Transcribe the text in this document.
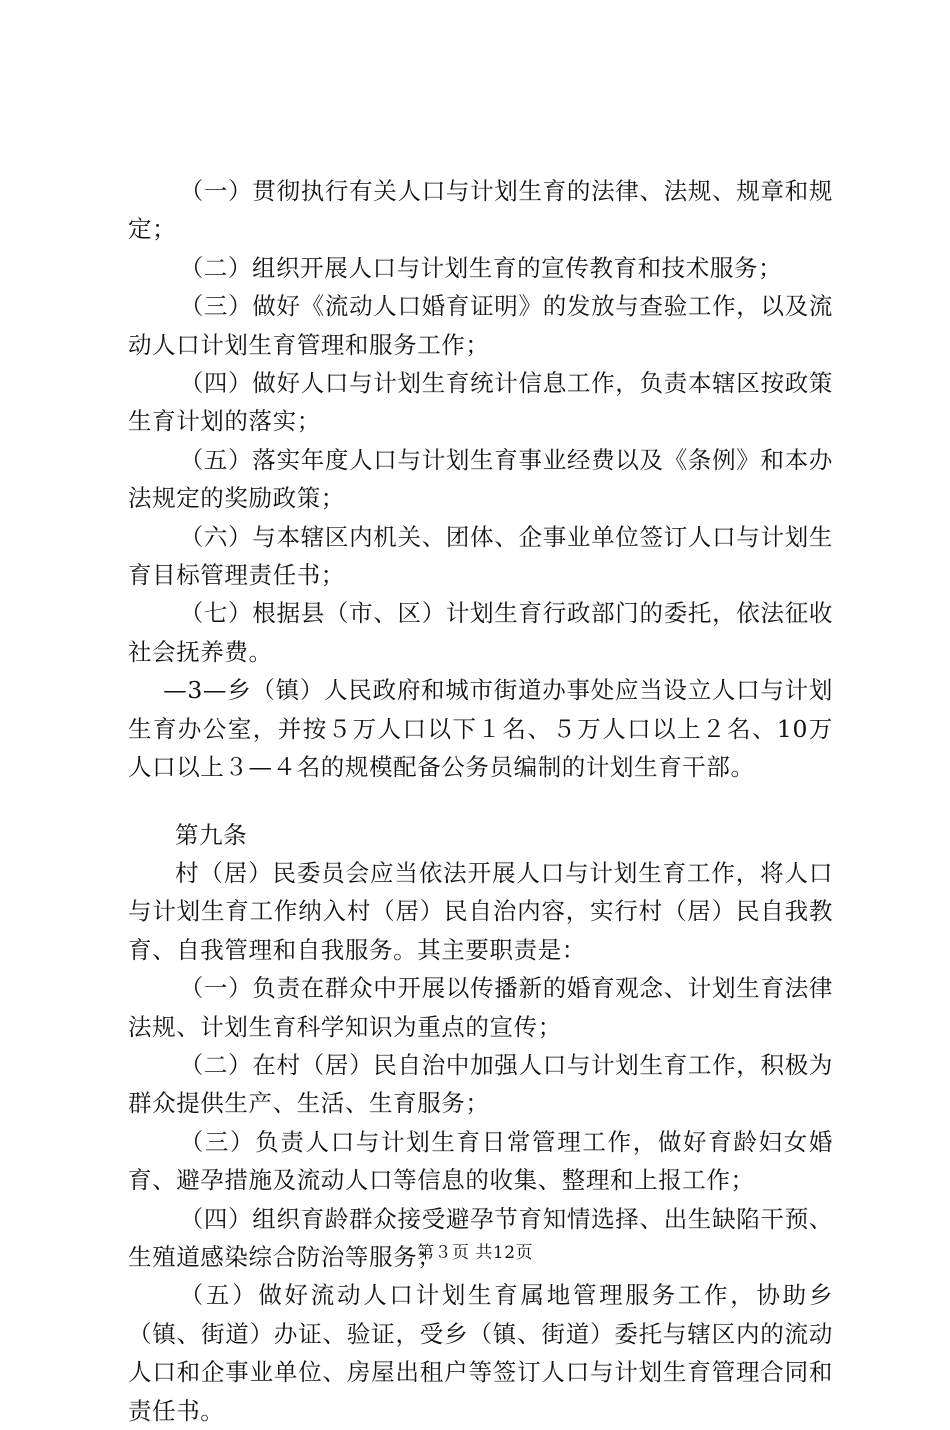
（一）贯彻执行有关人口与计划生育的法律、法规、规章和规定；

（二）组织开展人口与计划生育的宣传教育和技术服务；

（三）做好《流动人口婚育证明》的发放与查验工作，以及流动人口计划生育管理和服务工作；

（四）做好人口与计划生育统计信息工作，负责本辖区按政策生育计划的落实；

（五）落实年度人口与计划生育事业经费以及《条例》和本办法规定的奖励政策；

（六）与本辖区内机关、团体、企事业单位签订人口与计划生育目标管理责任书；

（七）根据县（市、区）计划生育行政部门的委托，依法征收社会抚养费。

—3—乡（镇）人民政府和城市街道办事处应当设立人口与计划生育办公室，并按５万人口以下１名、５万人口以上２名、10万人口以上３—４名的规模配备公务员编制的计划生育干部。

第九条

村（居）民委员会应当依法开展人口与计划生育工作，将人口与计划生育工作纳入村（居）民自治内容，实行村（居）民自我教育、自我管理和自我服务。其主要职责是：

（一）负责在群众中开展以传播新的婚育观念、计划生育法律法规、计划生育科学知识为重点的宣传；

（二）在村（居）民自治中加强人口与计划生育工作，积极为群众提供生产、生活、生育服务；

（三）负责人口与计划生育日常管理工作，做好育龄妇女婚育、避孕措施及流动人口等信息的收集、整理和上报工作；

（四）组织育龄群众接受避孕节育知情选择、出生缺陷干预、生殖道感染综合防治等服务；

（五）做好流动人口计划生育属地管理服务工作，协助乡（镇、街道）办证、验证，受乡（镇、街道）委托与辖区内的流动人口和企事业单位、房屋出租户等签订人口与计划生育管理合同和责任书。

第３页 共12页
